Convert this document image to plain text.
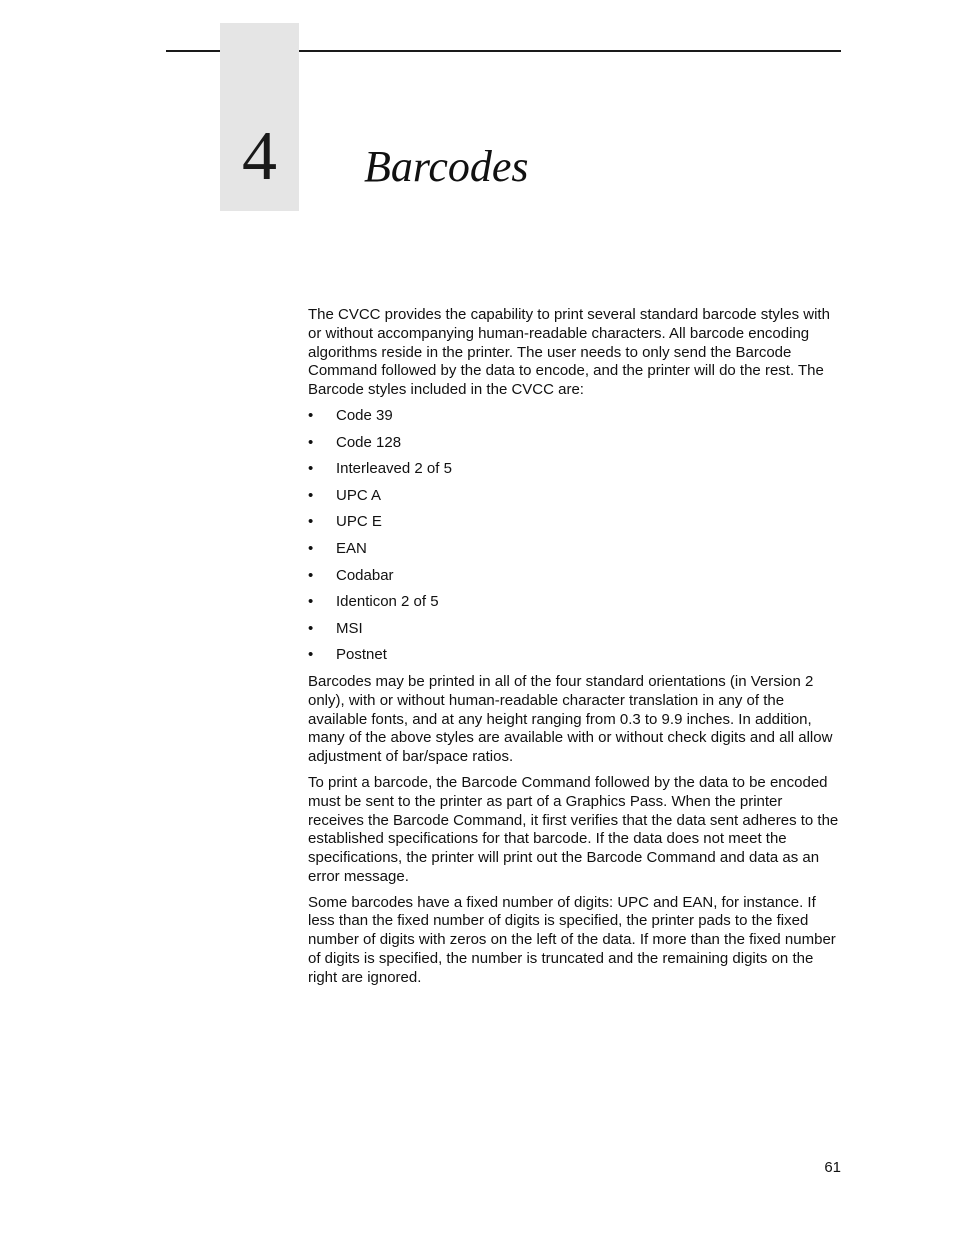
4	Barcodes

The CVCC provides the capability to print several standard barcode styles with or without accompanying human-readable characters. All barcode encoding algorithms reside in the printer. The user needs to only send the Barcode Command followed by the data to encode, and the printer will do the rest. The Barcode styles included in the CVCC are:

• Code 39
• Code 128
• Interleaved 2 of 5
• UPC A
• UPC E
• EAN
• Codabar
• Identicon 2 of 5
• MSI
• Postnet

Barcodes may be printed in all of the four standard orientations (in Version 2 only), with or without human-readable character translation in any of the available fonts, and at any height ranging from 0.3 to 9.9 inches. In addition, many of the above styles are available with or without check digits and all allow adjustment of bar/space ratios.

To print a barcode, the Barcode Command followed by the data to be encoded must be sent to the printer as part of a Graphics Pass. When the printer receives the Barcode Command, it first verifies that the data sent adheres to the established specifications for that barcode. If the data does not meet the specifications, the printer will print out the Barcode Command and data as an error message.

Some barcodes have a fixed number of digits: UPC and EAN, for instance. If less than the fixed number of digits is specified, the printer pads to the fixed number of digits with zeros on the left of the data. If more than the fixed number of digits is specified, the number is truncated and the remaining digits on the right are ignored.

61
